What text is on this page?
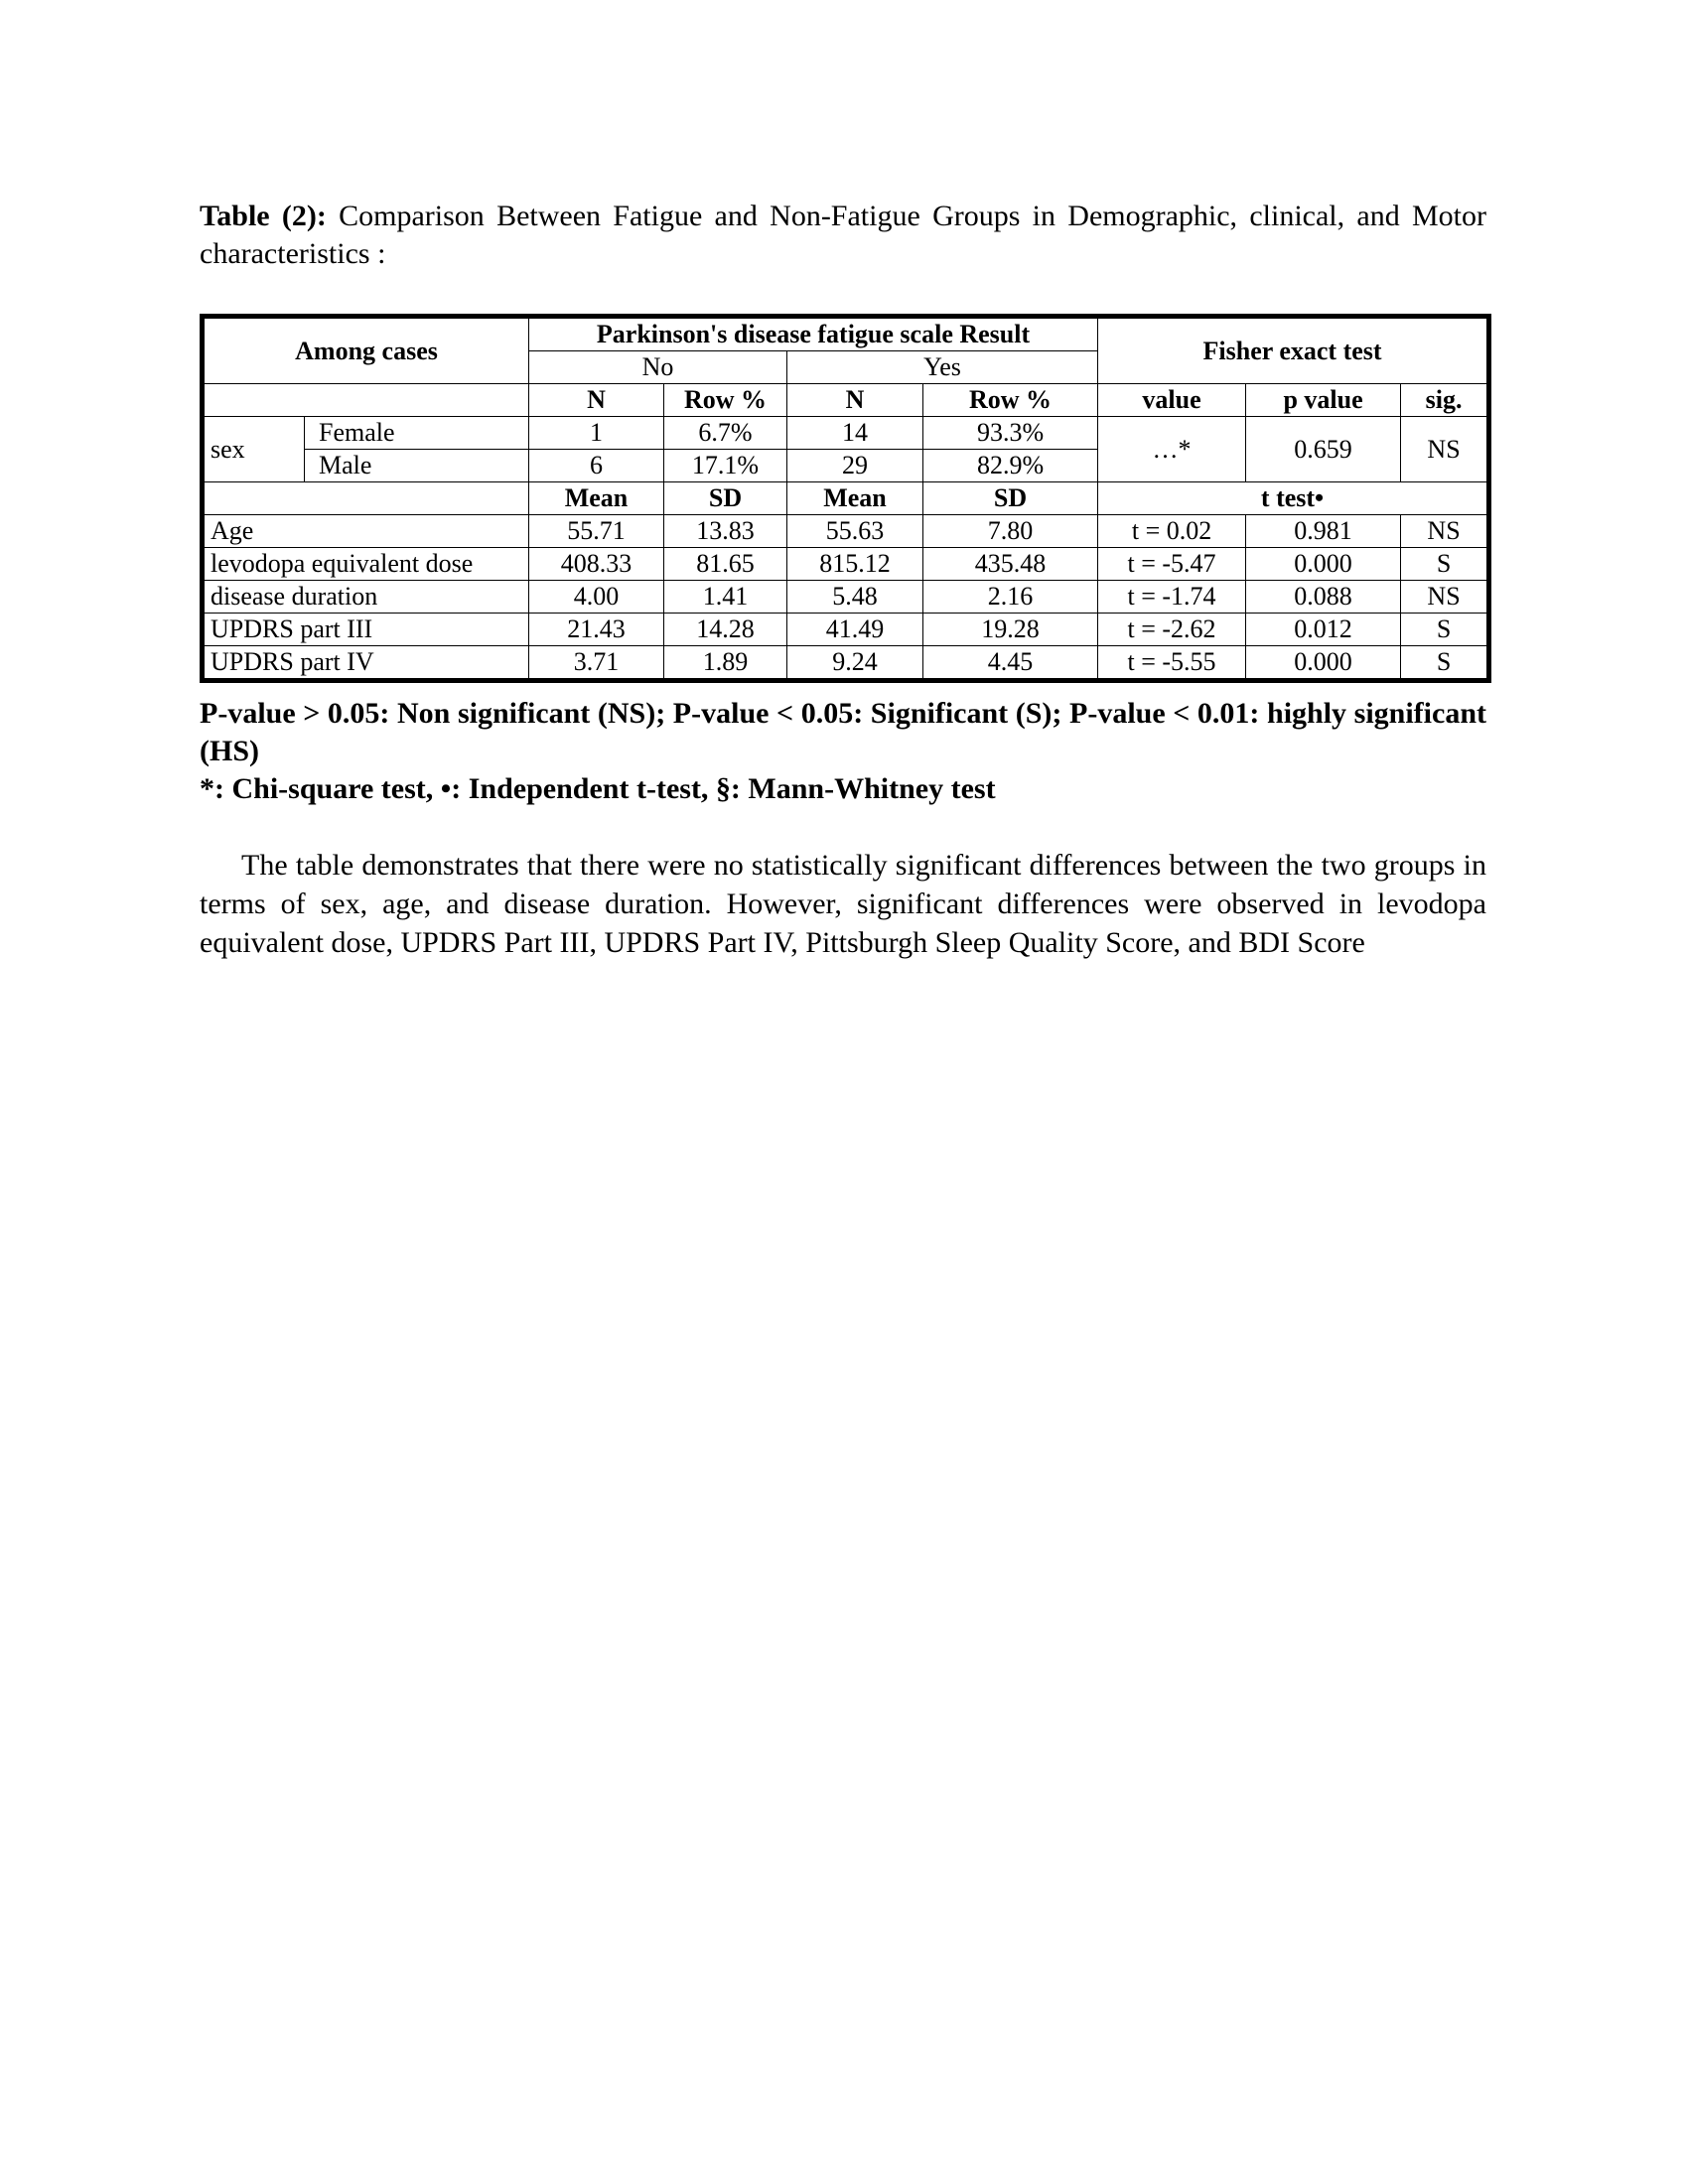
Table (2): Comparison Between Fatigue and Non-Fatigue Groups in Demographic, clinical, and Motor characteristics :
Among cases		Parkinson's disease fatigue scale Result				Fisher exact test		
		No		Yes				
		N	Row %	N	Row %	value	p value	sig.
sex	Female	1	6.7%	14	93.3%	…*	0.659	NS
	Male	6	17.1%	29	82.9%			
		Mean	SD	Mean	SD	t test•		
Age		55.71	13.83	55.63	7.80	t = 0.02	0.981	NS
levodopa equivalent dose		408.33	81.65	815.12	435.48	t = -5.47	0.000	S
disease duration		4.00	1.41	5.48	2.16	t = -1.74	0.088	NS
UPDRS part III		21.43	14.28	41.49	19.28	t = -2.62	0.012	S
UPDRS part IV		3.71	1.89	9.24	4.45	t = -5.55	0.000	S

P-value > 0.05: Non significant (NS); P-value < 0.05: Significant (S); P-value < 0.01: highly significant (HS)

*: Chi-square test, •: Independent t-test, §: Mann-Whitney test

The table demonstrates that there were no statistically significant differences between the two groups in terms of sex, age, and disease duration. However, significant differences were observed in levodopa equivalent dose, UPDRS Part III, UPDRS Part IV, Pittsburgh Sleep Quality Score, and BDI Score
